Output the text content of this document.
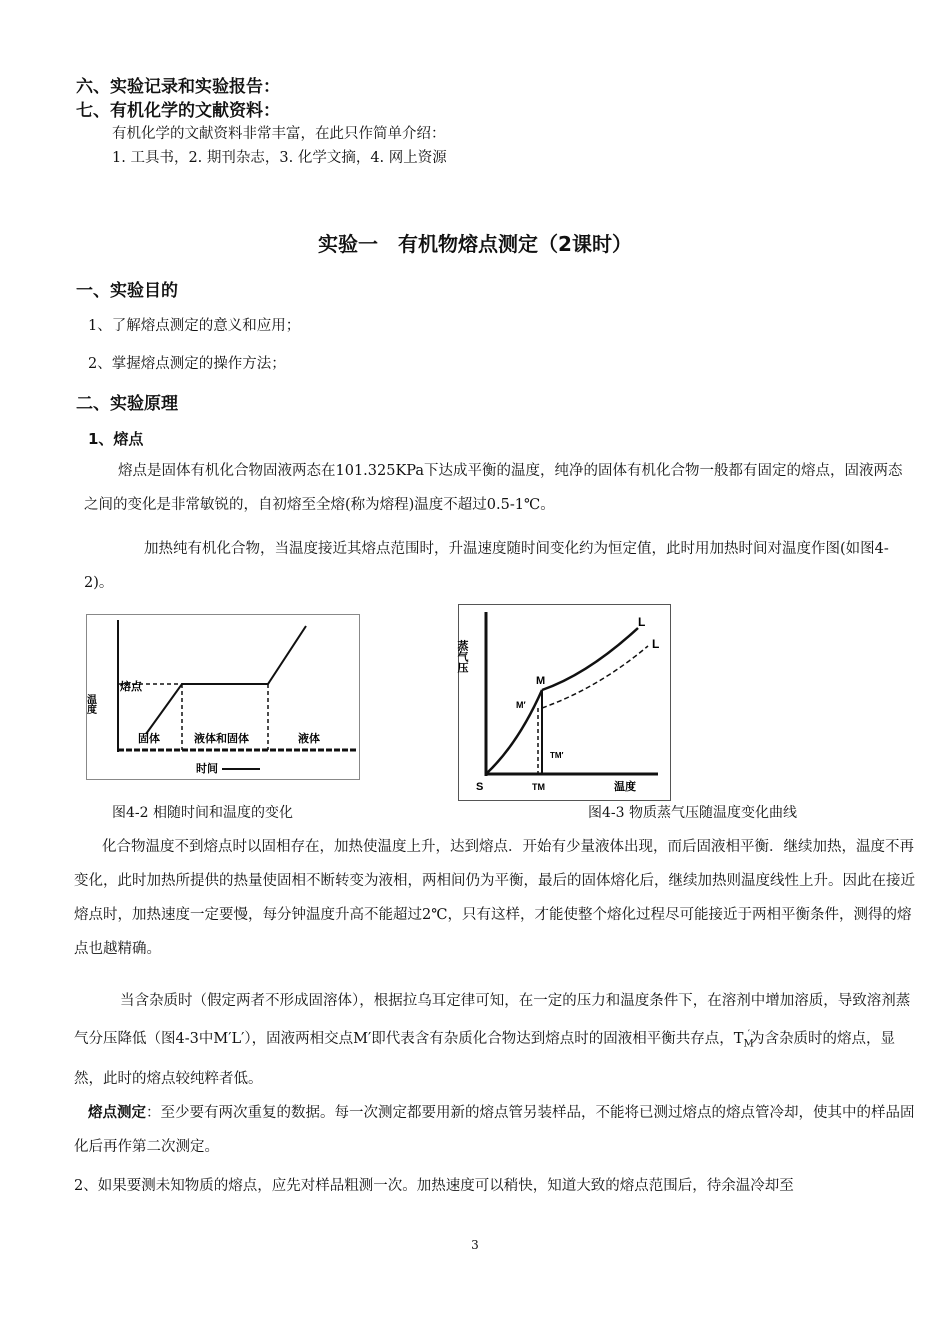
六、实验记录和实验报告：
七、有机化学的文献资料：
有机化学的文献资料非常丰富，在此只作简单介绍：
1. 工具书，2. 期刊杂志，3. 化学文摘，4. 网上资源
实验一　有机物熔点测定（2课时）
一、实验目的
1、了解熔点测定的意义和应用；
2、掌握熔点测定的操作方法；
二、实验原理
1、熔点
熔点是固体有机化合物固液两态在101.325KPa下达成平衡的温度，纯净的固体有机化合物一般都有固定的熔点，固液两态之间的变化是非常敏锐的，自初熔至全熔(称为熔程)温度不超过0.5-1℃。
加热纯有机化合物，当温度接近其熔点范围时，升温速度随时间变化约为恒定值，此时用加热时间对温度作图(如图4-2)。
温度
熔点
固体	液体和固体	液体
时间
图4-2 相随时间和温度的变化
蒸气压
L
L
M
M′
S	TM
TM′
温度
图4-3 物质蒸气压随温度变化曲线
化合物温度不到熔点时以固相存在，加热使温度上升，达到熔点．开始有少量液体出现，而后固液相平衡．继续加热，温度不再变化，此时加热所提供的热量使固相不断转变为液相，两相间仍为平衡，最后的固体熔化后，继续加热则温度线性上升。因此在接近熔点时，加热速度一定要慢，每分钟温度升高不能超过2℃，只有这样，才能使整个熔化过程尽可能接近于两相平衡条件，测得的熔点也越精确。
当含杂质时（假定两者不形成固溶体），根据拉乌耳定律可知，在一定的压力和温度条件下，在溶剂中增加溶质，导致溶剂蒸气分压降低（图4-3中M′L′），固液两相交点M′即代表含有杂质化合物达到熔点时的固液相平衡共存点，$T_M'$为含杂质时的熔点，显然，此时的熔点较纯粹者低。
熔点测定：至少要有两次重复的数据。每一次测定都要用新的熔点管另装样品，不能将已测过熔点的熔点管冷却，使其中的样品固化后再作第二次测定。
2、如果要测未知物质的熔点，应先对样品粗测一次。加热速度可以稍快，知道大致的熔点范围后，待余温冷却至
3
